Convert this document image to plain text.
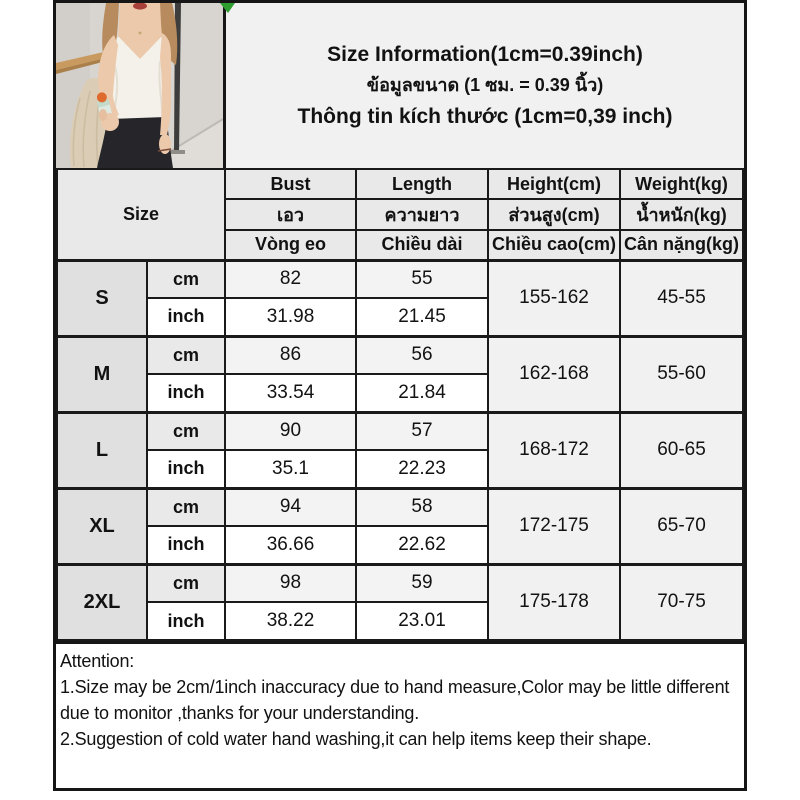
Size Information(1cm=0.39inch)
ข้อมูลขนาด (1 ซม. = 0.39 นิ้ว)
Thông tin kích thước (1cm=0,39 inch)
Size		Bust	Length	Height(cm)	Weight(kg)
		เอว	ความยาว	ส่วนสูง(cm)	น้ำหนัก(kg)
		Vòng eo	Chiều dài	Chiều cao(cm)	Cân nặng(kg)
S	cm	82	55	155-162	45-55
	inch	31.98	21.45		
M	cm	86	56	162-168	55-60
	inch	33.54	21.84		
L	cm	90	57	168-172	60-65
	inch	35.1	22.23		
XL	cm	94	58	172-175	65-70
	inch	36.66	22.62		
2XL	cm	98	59	175-178	70-75
	inch	38.22	23.01		
Attention:
1.Size may be 2cm/1inch inaccuracy due to hand measure,Color may be little different due to monitor ,thanks for your understanding.
2.Suggestion of cold water hand washing,it can help items keep their shape.
